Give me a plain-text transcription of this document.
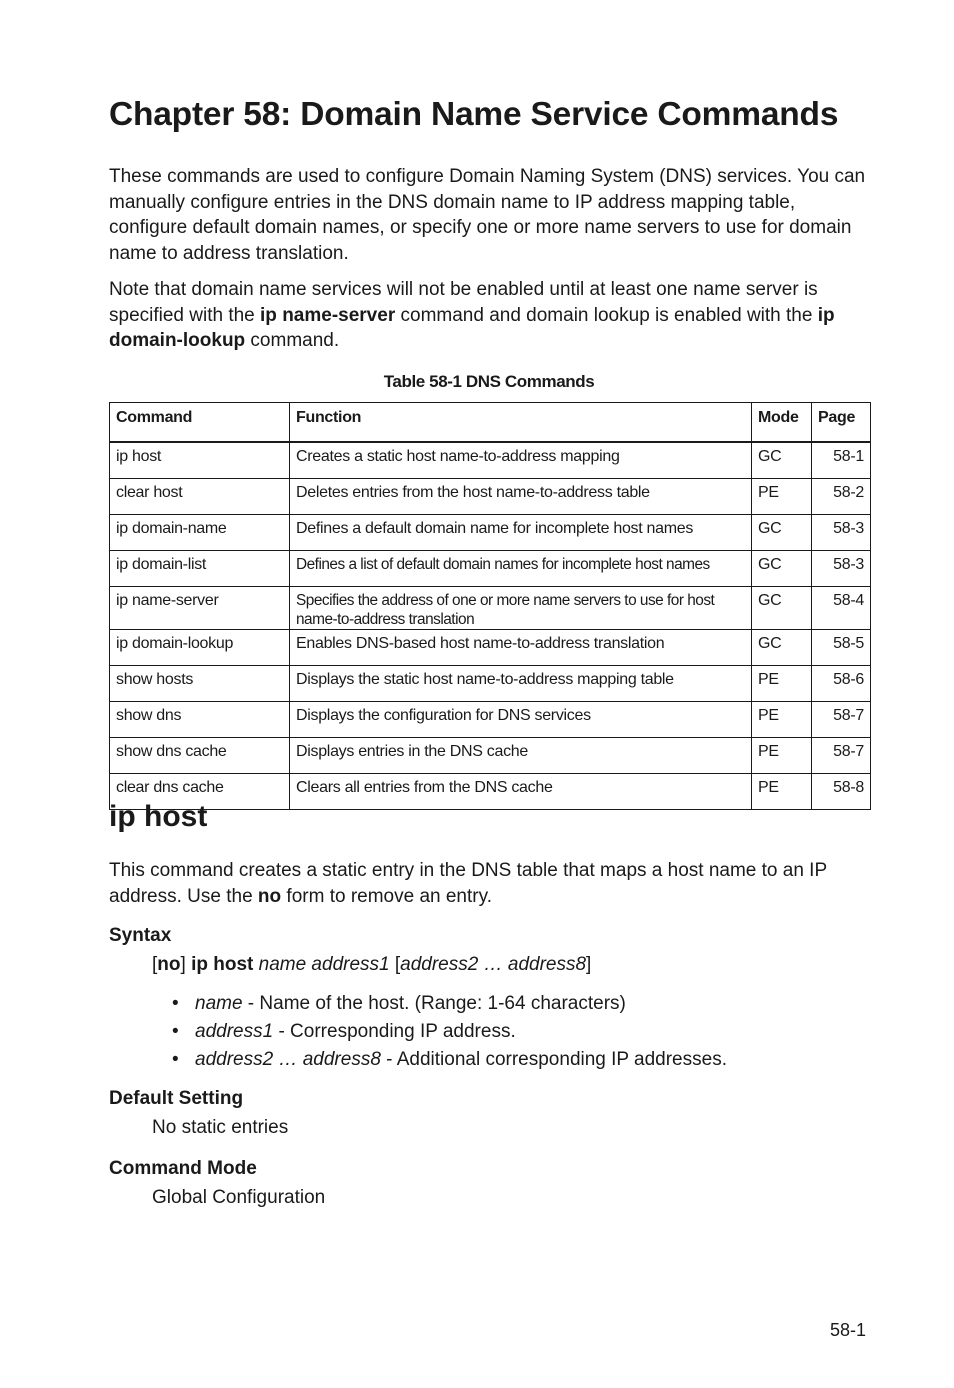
Chapter 58: Domain Name Service Commands

These commands are used to configure Domain Naming System (DNS) services. You can manually configure entries in the DNS domain name to IP address mapping table, configure default domain names, or specify one or more name servers to use for domain name to address translation.

Note that domain name services will not be enabled until at least one name server is specified with the ip name-server command and domain lookup is enabled with the ip domain-lookup command.

Table 58-1 DNS Commands
Command	Function	Mode	Page
ip host	Creates a static host name-to-address mapping	GC	58-1
clear host	Deletes entries from the host name-to-address table	PE	58-2
ip domain-name	Defines a default domain name for incomplete host names	GC	58-3
ip domain-list	Defines a list of default domain names for incomplete host names	GC	58-3
ip name-server	Specifies the address of one or more name servers to use for host name-to-address translation	GC	58-4
ip domain-lookup	Enables DNS-based host name-to-address translation	GC	58-5
show hosts	Displays the static host name-to-address mapping table	PE	58-6
show dns	Displays the configuration for DNS services	PE	58-7
show dns cache	Displays entries in the DNS cache	PE	58-7
clear dns cache	Clears all entries from the DNS cache	PE	58-8
ip host

This command creates a static entry in the DNS table that maps a host name to an IP address. Use the no form to remove an entry.

Syntax
[no] ip host name address1 [address2 … address8]
• name - Name of the host. (Range: 1-64 characters)
• address1 - Corresponding IP address.
• address2 … address8 - Additional corresponding IP addresses.
Default Setting
No static entries
Command Mode
Global Configuration
58-1
